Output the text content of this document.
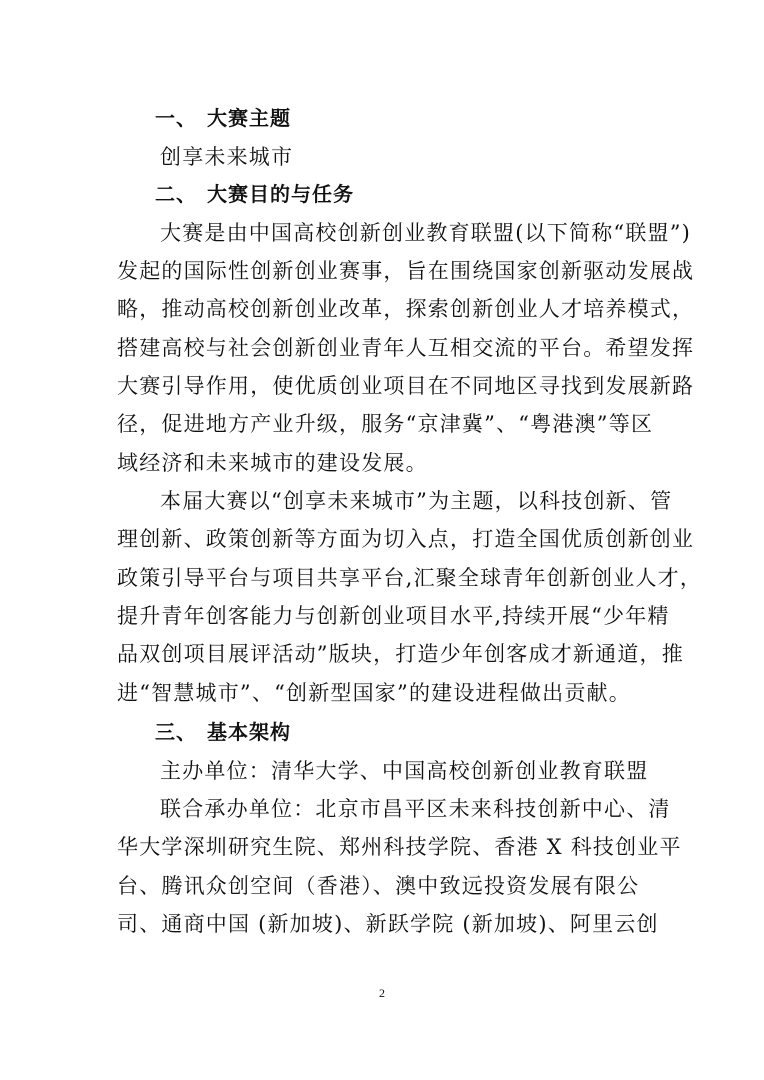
一、 大赛主题
创享未来城市
二、 大赛目的与任务
大赛是由中国高校创新创业教育联盟(以下简称“联盟”)
发起的国际性创新创业赛事，旨在围绕国家创新驱动发展战
略，推动高校创新创业改革，探索创新创业人才培养模式，
搭建高校与社会创新创业青年人互相交流的平台。希望发挥
大赛引导作用，使优质创业项目在不同地区寻找到发展新路
径，促进地方产业升级，服务“京津冀”、“粤港澳”等区
域经济和未来城市的建设发展。
本届大赛以“创享未来城市”为主题，以科技创新、管
理创新、政策创新等方面为切入点，打造全国优质创新创业
政策引导平台与项目共享平台,汇聚全球青年创新创业人才，
提升青年创客能力与创新创业项目水平,持续开展“少年精
品双创项目展评活动”版块，打造少年创客成才新通道，推
进“智慧城市”、“创新型国家”的建设进程做出贡献。
三、 基本架构
主办单位：清华大学、中国高校创新创业教育联盟
联合承办单位：北京市昌平区未来科技创新中心、清
华大学深圳研究生院、郑州科技学院、香港 X 科技创业平
台、腾讯众创空间（香港）、澳中致远投资发展有限公
司、通商中国 (新加坡)、新跃学院 (新加坡)、阿里云创
2
